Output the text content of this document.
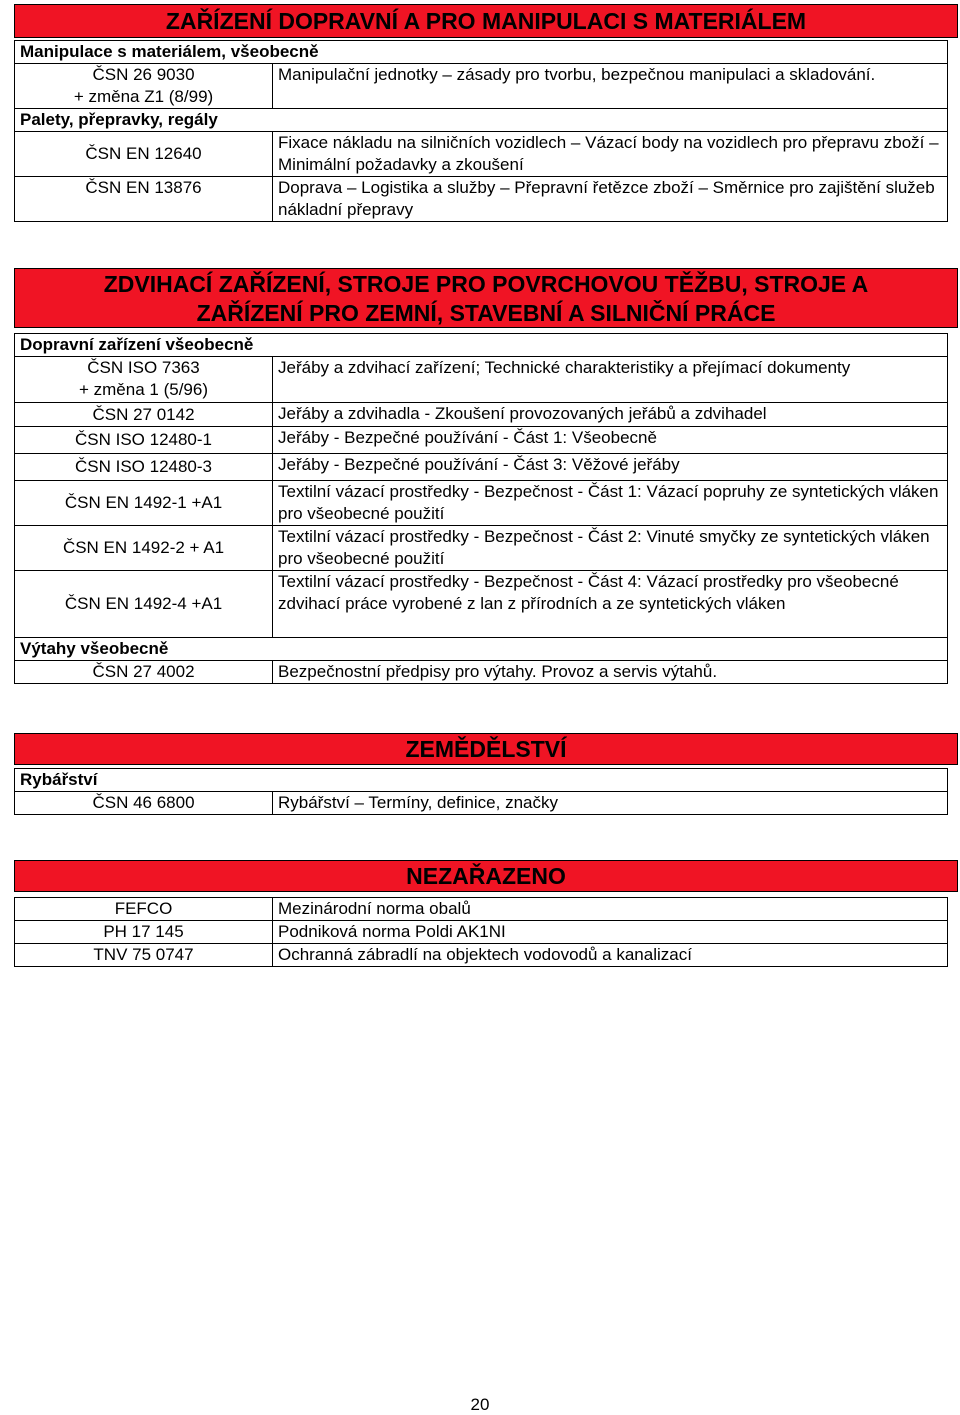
ZAŘÍZENÍ DOPRAVNÍ A PRO MANIPULACI S MATERIÁLEM
Manipulace s materiálem, všeobecně	

ČSN 26 9030
+ změna Z1 (8/99)	Manipulační jednotky – zásady pro tvorbu, bezpečnou manipulaci a skladování.
Palety, přepravky, regály	
ČSN EN 12640	Fixace nákladu na silničních vozidlech – Vázací body na vozidlech pro přepravu zboží – Minimální požadavky a zkoušení
ČSN EN 13876	Doprava – Logistika a služby – Přepravní řetězce zboží – Směrnice pro zajištění služeb nákladní přepravy
ZDVIHACÍ ZAŘÍZENÍ, STROJE PRO POVRCHOVOU TĚŽBU, STROJE A
ZAŘÍZENÍ PRO ZEMNÍ, STAVEBNÍ A SILNIČNÍ PRÁCE
Dopravní zařízení všeobecně	

ČSN ISO 7363
+ změna 1 (5/96)	Jeřáby a zdvihací zařízení; Technické charakteristiky a přejímací dokumenty
ČSN 27 0142	Jeřáby a zdvihadla - Zkoušení provozovaných jeřábů a zdvihadel
ČSN ISO 12480-1	Jeřáby - Bezpečné používání - Část 1: Všeobecně
ČSN ISO 12480-3	Jeřáby - Bezpečné používání - Část 3: Věžové jeřáby
ČSN EN 1492-1 +A1	Textilní vázací prostředky - Bezpečnost - Část 1: Vázací popruhy ze syntetických vláken pro všeobecné použití
ČSN EN 1492-2 + A1	Textilní vázací prostředky - Bezpečnost - Část 2: Vinuté smyčky ze syntetických vláken pro všeobecné použití
ČSN EN 1492-4 +A1	Textilní vázací prostředky - Bezpečnost - Část 4: Vázací prostředky pro všeobecné zdvihací práce vyrobené z lan z přírodních a ze syntetických vláken
Výtahy všeobecně	
ČSN 27 4002	Bezpečnostní předpisy pro výtahy. Provoz a servis výtahů.
ZEMĚDĚLSTVÍ
Rybářství
ČSN 46 6800	Rybářství – Termíny, definice, značky
NEZAŘAZENO
FEFCO	Mezinárodní norma obalů
PH 17 145	Podniková norma Poldi AK1NI
TNV 75 0747	Ochranná zábradlí na objektech vodovodů a kanalizací
20
